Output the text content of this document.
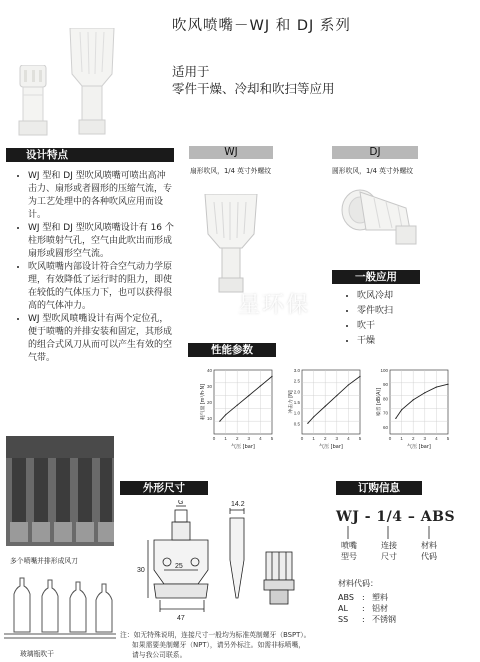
吹风喷嘴－WJ 和 DJ 系列
适用于
零件干燥、冷却和吹扫等应用
设计特点
• WJ 型和 DJ 型吹风喷嘴可喷出高冲击力、扇形或者圆形的压缩气流，专为工艺处理中的各种吹风应用而设计。
• WJ 型和 DJ 型吹风喷嘴设计有 16 个柱形喷射气孔，空气由此吹出而形成扇形或圆形空气流。
• 吹风喷嘴内部设计符合空气动力学原理，有效降低了运行时的阻力，即使在较低的气体压力下，也可以获得很高的气体冲力。
• WJ 型吹风喷嘴设计有两个定位孔，便于喷嘴的并排安装和固定，其形成的组合式风刀从而可以产生有效的空气带。
WJ
扇形吹风，1/4 英寸外螺纹
DJ
圆形吹风，1/4 英寸外螺纹
一般应用
• 吹风冷却
• 零件吹扫
• 吹干
• 干燥
星环保
性能参数
40
30
20
10
0 1 2 3 4 5
气压 [bar]
耗气量 [m³/h·N]
3.0
2.5
2.0
1.5
1.0
0.5
0 1 2 3 4 5
气压 [bar]
冲击力 [N]
100
90
80
70
60
0 1 2 3 4 5
气压 [bar]
噪音 [dB(A)]
多个喷嘴并排形成风刀
玻璃瓶吹干
外形尺寸
14.2
G
25
30
47
订购信息
WJ - 1/4 – ABS
喷嘴
型号
连接
尺寸
材料
代码
材料代码：
ABS : 塑料
AL : 铝材
SS : 不锈钢
注：如无特殊说明，连接尺寸一般均为标准英制螺牙（BSPT）。
如果需要美制螺牙（NPT），请另外标注。如需非标喷嘴，
请与我公司联系。
